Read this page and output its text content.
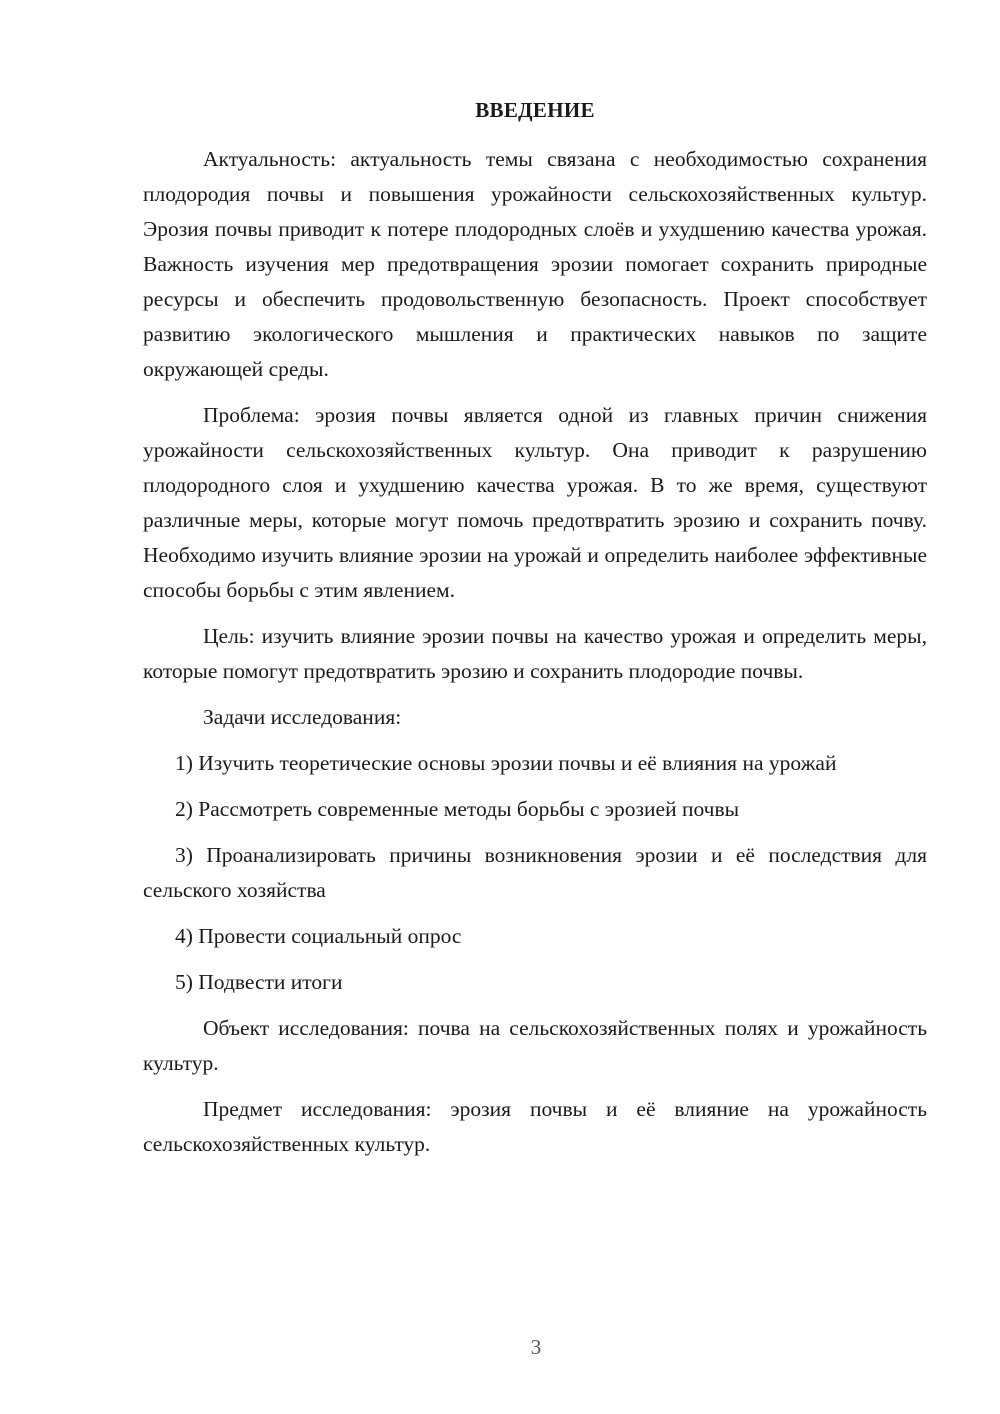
ВВЕДЕНИЕ

Актуальность: актуальность темы связана с необходимостью сохранения плодородия почвы и повышения урожайности сельскохозяйственных культур. Эрозия почвы приводит к потере плодородных слоёв и ухудшению качества урожая. Важность изучения мер предотвращения эрозии помогает сохранить природные ресурсы и обеспечить продовольственную безопасность. Проект способствует развитию экологического мышления и практических навыков по защите окружающей среды.

Проблема: эрозия почвы является одной из главных причин снижения урожайности сельскохозяйственных культур. Она приводит к разрушению плодородного слоя и ухудшению качества урожая. В то же время, существуют различные меры, которые могут помочь предотвратить эрозию и сохранить почву. Необходимо изучить влияние эрозии на урожай и определить наиболее эффективные способы борьбы с этим явлением.

Цель: изучить влияние эрозии почвы на качество урожая и определить меры, которые помогут предотвратить эрозию и сохранить плодородие почвы.

Задачи исследования:

1) Изучить теоретические основы эрозии почвы и её влияния на урожай

2) Рассмотреть современные методы борьбы с эрозией почвы

3) Проанализировать причины возникновения эрозии и её последствия для сельского хозяйства

4) Провести социальный опрос

5) Подвести итоги

Объект исследования: почва на сельскохозяйственных полях и урожайность культур.

Предмет исследования: эрозия почвы и её влияние на урожайность сельскохозяйственных культур.

3
